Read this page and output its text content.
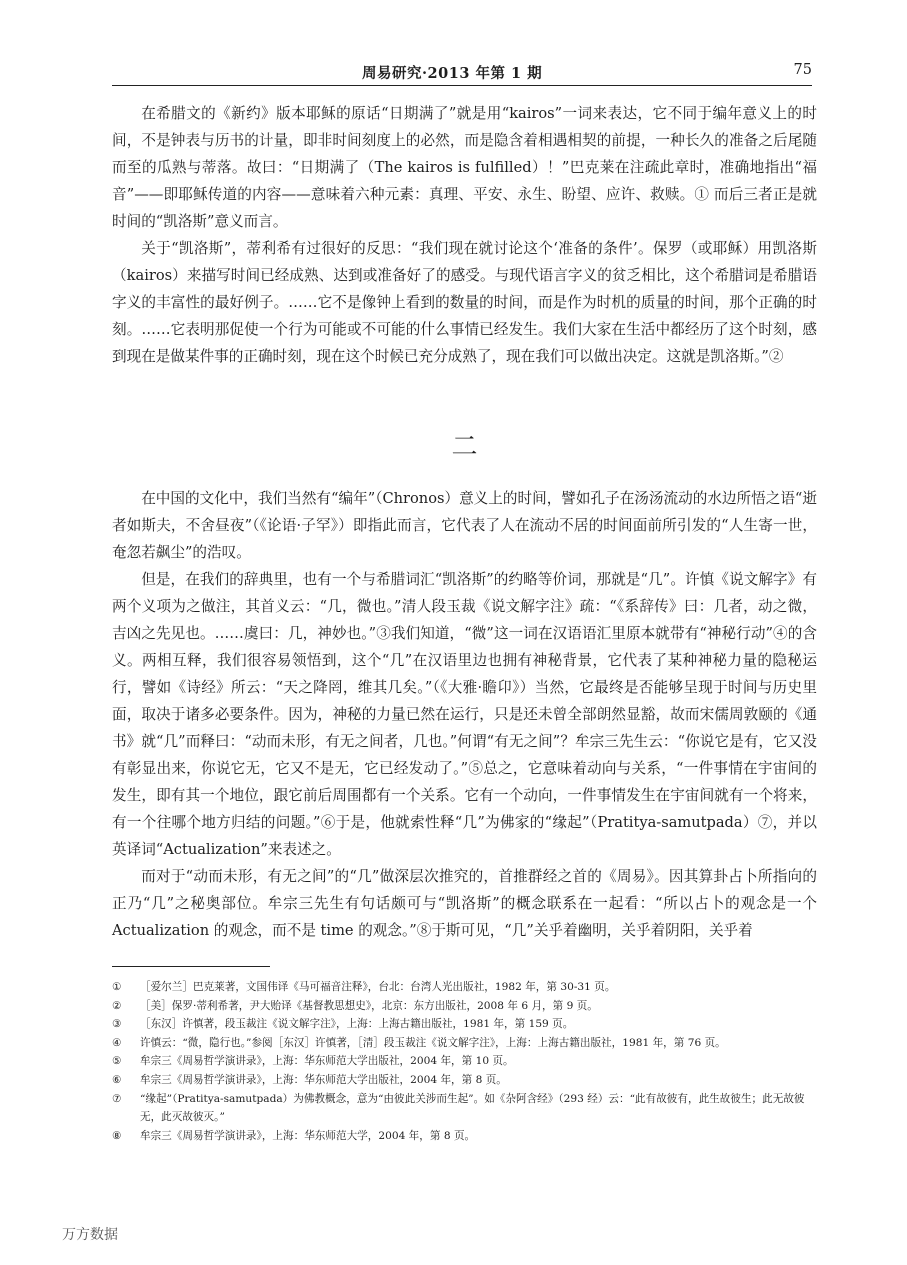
周易研究·2013 年第 1 期	75

在希腊文的《新约》版本耶稣的原话“日期满了”就是用“kairos”一词来表达，它不同于编年意义上的时间，不是钟表与历书的计量，即非时间刻度上的必然，而是隐含着相遇相契的前提，一种长久的准备之后尾随而至的瓜熟与蒂落。故曰：“日期满了（The kairos is fulfilled）！”巴克莱在注疏此章时，准确地指出“福音”——即耶稣传道的内容——意味着六种元素：真理、平安、永生、盼望、应许、救赎。① 而后三者正是就时间的“凯洛斯”意义而言。

关于“凯洛斯”，蒂利希有过很好的反思：“我们现在就讨论这个‘准备的条件’。保罗（或耶稣）用凯洛斯（kairos）来描写时间已经成熟、达到或准备好了的感受。与现代语言字义的贫乏相比，这个希腊词是希腊语字义的丰富性的最好例子。……它不是像钟上看到的数量的时间，而是作为时机的质量的时间，那个正确的时刻。……它表明那促使一个行为可能或不可能的什么事情已经发生。我们大家在生活中都经历了这个时刻，感到现在是做某件事的正确时刻，现在这个时候已充分成熟了，现在我们可以做出决定。这就是凯洛斯。”②

二

在中国的文化中，我们当然有“编年”（Chronos）意义上的时间，譬如孔子在汤汤流动的水边所悟之语“逝者如斯夫，不舍昼夜”（《论语·子罕》）即指此而言，它代表了人在流动不居的时间面前所引发的“人生寄一世，奄忽若飙尘”的浩叹。

但是，在我们的辞典里，也有一个与希腊词汇“凯洛斯”的约略等价词，那就是“几”。许慎《说文解字》有两个义项为之做注，其首义云：“几，微也。”清人段玉裁《说文解字注》疏：“《系辞传》曰：几者，动之微，吉凶之先见也。……虞曰：几，神妙也。”③我们知道，“微”这一词在汉语语汇里原本就带有“神秘行动”④的含义。两相互释，我们很容易领悟到，这个“几”在汉语里边也拥有神秘背景，它代表了某种神秘力量的隐秘运行，譬如《诗经》所云：“天之降罔，维其几矣。”（《大雅·瞻卬》）当然，它最终是否能够呈现于时间与历史里面，取决于诸多必要条件。因为，神秘的力量已然在运行，只是还未曾全部朗然显豁，故而宋儒周敦颐的《通书》就“几”而释曰：“动而未形，有无之间者，几也。”何谓“有无之间”？牟宗三先生云：“你说它是有，它又没有彰显出来，你说它无，它又不是无，它已经发动了。”⑤总之，它意味着动向与关系，“一件事情在宇宙间的发生，即有其一个地位，跟它前后周围都有一个关系。它有一个动向，一件事情发生在宇宙间就有一个将来，有一个往哪个地方归结的问题。”⑥于是，他就索性释“几”为佛家的“缘起”（Pratitya-samutpada）⑦，并以英译词“Actualization”来表述之。

而对于“动而未形，有无之间”的“几”做深层次推究的，首推群经之首的《周易》。因其算卦占卜所指向的正乃“几”之秘奥部位。牟宗三先生有句话颇可与“凯洛斯”的概念联系在一起看：“所以占卜的观念是一个 Actualization 的观念，而不是 time 的观念。”⑧于斯可见，“几”关乎着幽明，关乎着阴阳，关乎着

①	［爱尔兰］巴克莱著，文国伟译《马可福音注释》，台北：台湾人光出版社，1982 年，第 30-31 页。
②	［美］保罗·蒂利希著，尹大贻译《基督教思想史》，北京：东方出版社，2008 年 6 月，第 9 页。
③	［东汉］许慎著，段玉裁注《说文解字注》，上海：上海古籍出版社，1981 年，第 159 页。
④	许慎云：“微，隐行也。”参阅［东汉］许慎著，［清］段玉裁注《说文解字注》，上海：上海古籍出版社，1981 年，第 76 页。
⑤	牟宗三《周易哲学演讲录》，上海：华东师范大学出版社，2004 年，第 10 页。
⑥	牟宗三《周易哲学演讲录》，上海：华东师范大学出版社，2004 年，第 8 页。
⑦	“缘起”（Pratitya-samutpada）为佛教概念，意为“由彼此关涉而生起”。如《杂阿含经》（293 经）云：“此有故彼有，此生故彼生；此无故彼无，此灭故彼灭。”
⑧	牟宗三《周易哲学演讲录》，上海：华东师范大学，2004 年，第 8 页。
万方数据
